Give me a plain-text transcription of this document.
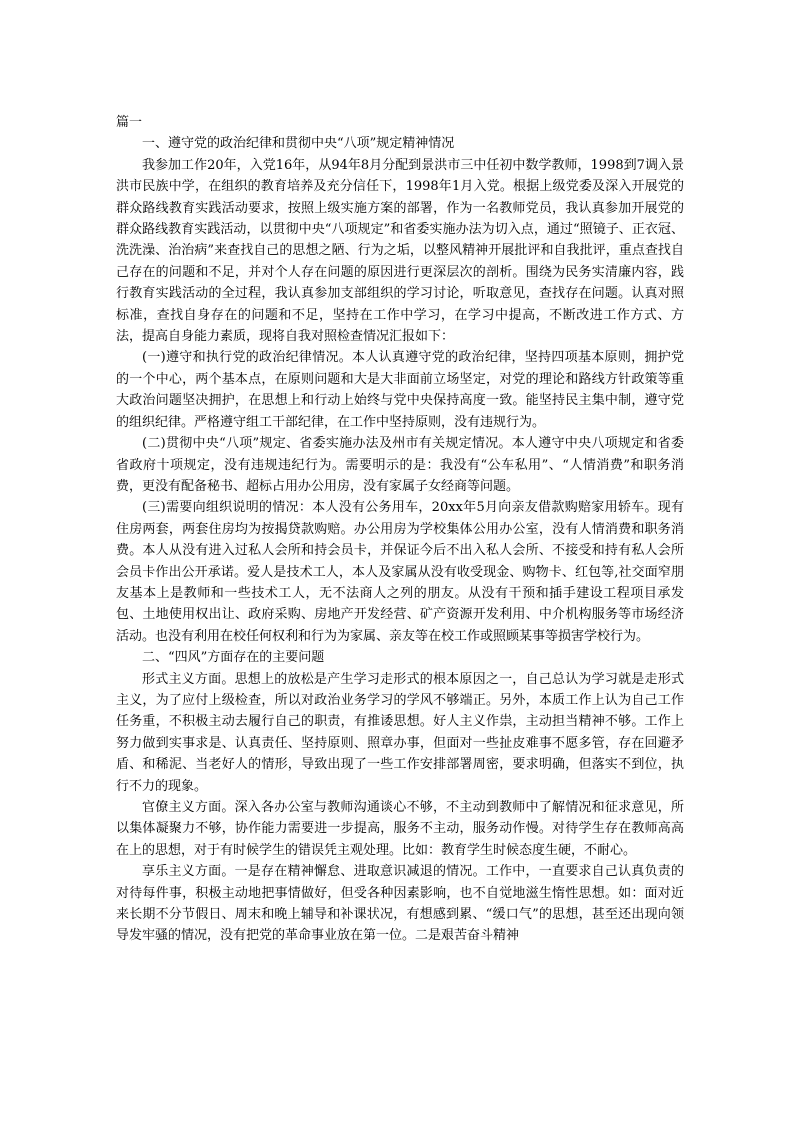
篇一

一、遵守党的政治纪律和贯彻中央“八项”规定精神情况

我参加工作20年，入党16年，从94年8月分配到景洪市三中任初中数学教师，1998到7调入景洪市民族中学，在组织的教育培养及充分信任下，1998年1月入党。根据上级党委及深入开展党的群众路线教育实践活动要求，按照上级实施方案的部署，作为一名教师党员，我认真参加开展党的群众路线教育实践活动，以贯彻中央“八项规定”和省委实施办法为切入点，通过“照镜子、正衣冠、洗洗澡、治治病”来查找自己的思想之陋、行为之垢，以整风精神开展批评和自我批评，重点查找自己存在的问题和不足，并对个人存在问题的原因进行更深层次的剖析。围绕为民务实清廉内容，践行教育实践活动的全过程，我认真参加支部组织的学习讨论，听取意见，查找存在问题。认真对照标准，查找自身存在的问题和不足，坚持在工作中学习，在学习中提高，不断改进工作方式、方法，提高自身能力素质，现将自我对照检查情况汇报如下：

(一)遵守和执行党的政治纪律情况。本人认真遵守党的政治纪律，坚持四项基本原则，拥护党的一个中心，两个基本点，在原则问题和大是大非面前立场坚定，对党的理论和路线方针政策等重大政治问题坚决拥护，在思想上和行动上始终与党中央保持高度一致。能坚持民主集中制，遵守党的组织纪律。严格遵守组工干部纪律，在工作中坚持原则，没有违规行为。

(二)贯彻中央“八项”规定、省委实施办法及州市有关规定情况。本人遵守中央八项规定和省委省政府十项规定，没有违规违纪行为。需要明示的是：我没有“公车私用”、“人情消费”和职务消费，更没有配备秘书、超标占用办公用房，没有家属子女经商等问题。

(三)需要向组织说明的情况：本人没有公务用车，20xx年5月向亲友借款购赔家用轿车。现有住房两套，两套住房均为按揭贷款购赔。办公用房为学校集体公用办公室，没有人情消费和职务消费。本人从没有进入过私人会所和持会员卡，并保证今后不出入私人会所、不接受和持有私人会所会员卡作出公开承诺。爱人是技术工人，本人及家属从没有收受现金、购物卡、红包等,社交面窄朋友基本上是教师和一些技术工人，无不法商人之列的朋友。从没有干预和插手建设工程项目承发包、土地使用权出让、政府采购、房地产开发经营、矿产资源开发利用、中介机构服务等市场经济活动。也没有利用在校任何权利和行为为家属、亲友等在校工作或照顾某事等损害学校行为。

二、“四风”方面存在的主要问题

形式主义方面。思想上的放松是产生学习走形式的根本原因之一，自己总认为学习就是走形式主义，为了应付上级检查，所以对政治业务学习的学风不够端正。另外，本质工作上认为自己工作任务重，不积极主动去履行自己的职责，有推诿思想。好人主义作祟，主动担当精神不够。工作上努力做到实事求是、认真责任、坚持原则、照章办事，但面对一些扯皮难事不愿多管，存在回避矛盾、和稀泥、当老好人的情形，导致出现了一些工作安排部署周密，要求明确，但落实不到位，执行不力的现象。

官僚主义方面。深入各办公室与教师沟通谈心不够，不主动到教师中了解情况和征求意见，所以集体凝聚力不够，协作能力需要进一步提高，服务不主动，服务动作慢。对待学生存在教师高高在上的思想，对于有时候学生的错误凭主观处理。比如：教育学生时候态度生硬，不耐心。

享乐主义方面。一是存在精神懈怠、进取意识减退的情况。工作中，一直要求自己认真负责的对待每件事，积极主动地把事情做好，但受各种因素影响，也不自觉地滋生惰性思想。如：面对近来长期不分节假日、周末和晚上辅导和补课状况，有想感到累、“缓口气”的思想，甚至还出现向领导发牢骚的情况，没有把党的革命事业放在第一位。二是艰苦奋斗精神
